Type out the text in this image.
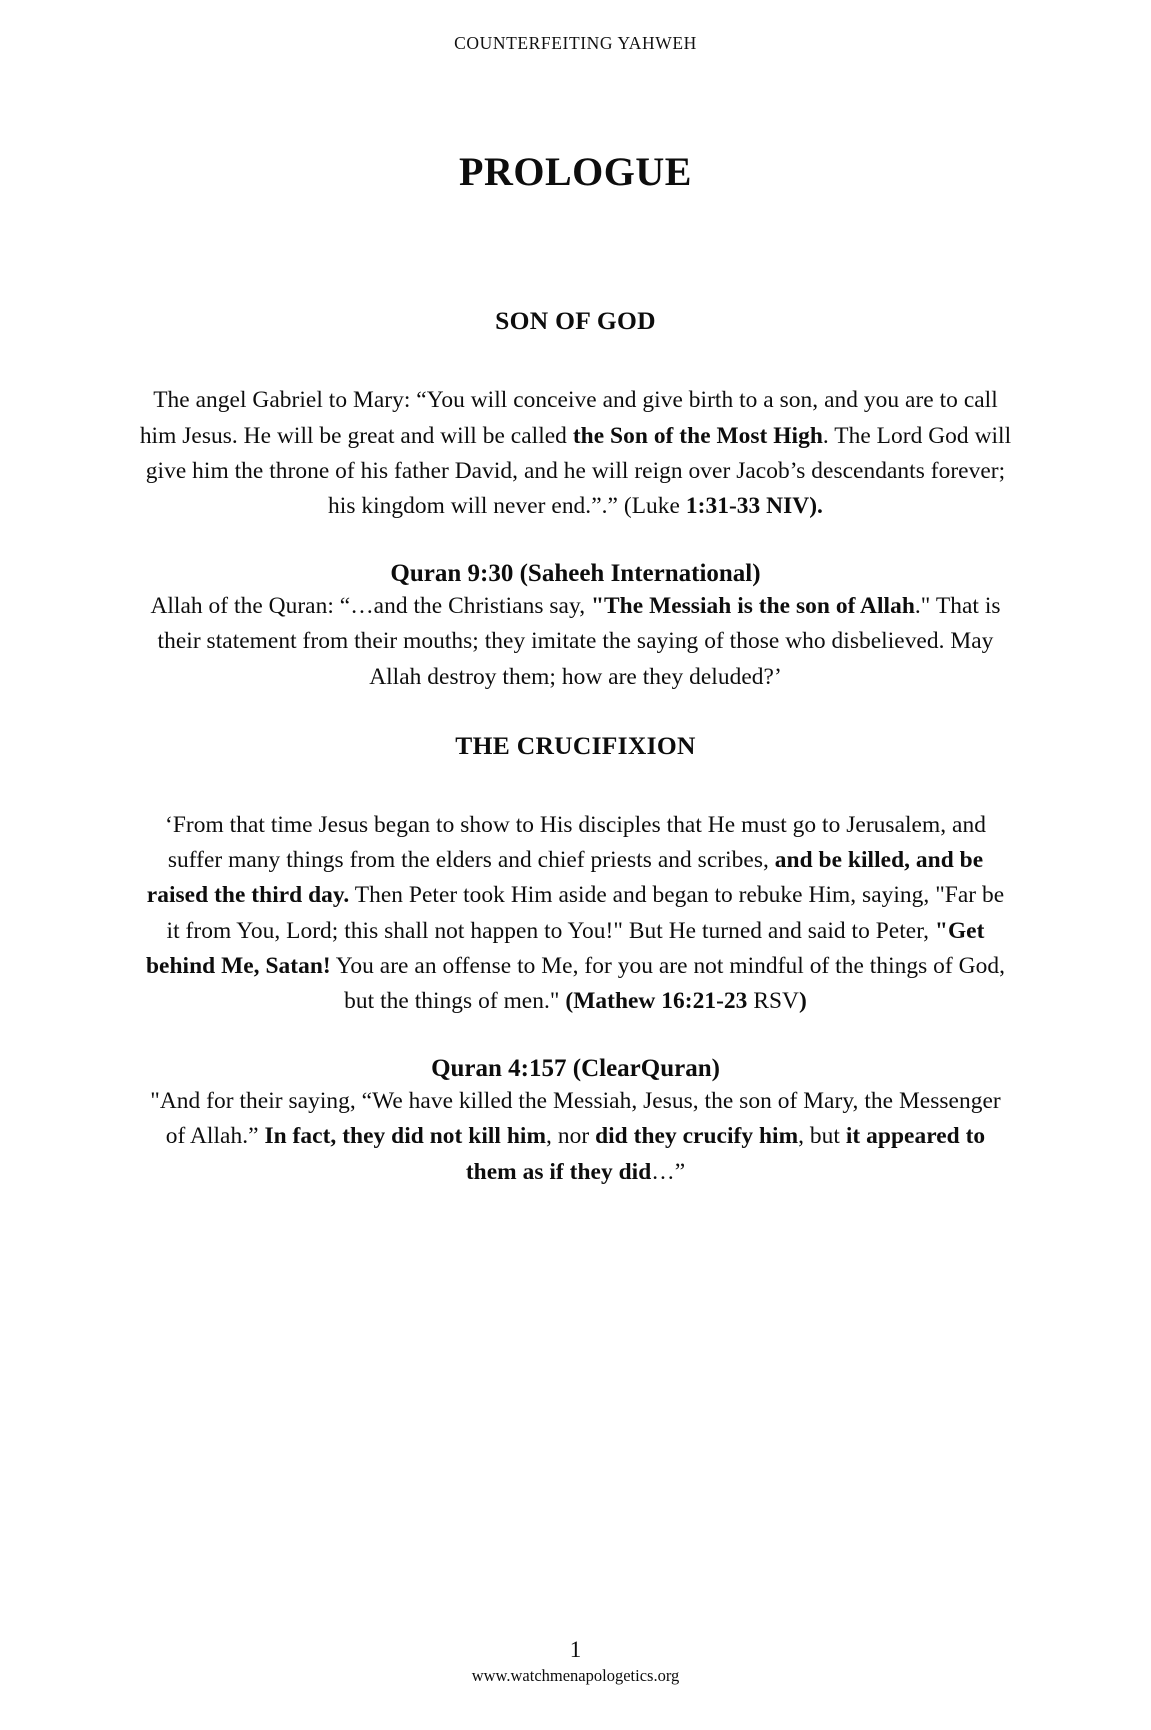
COUNTERFEITING YAHWEH
PROLOGUE
SON OF GOD

The angel Gabriel to Mary: “You will conceive and give birth to a son, and you are to call him Jesus. He will be great and will be called the Son of the Most High. The Lord God will give him the throne of his father David, and he will reign over Jacob’s descendants forever; his kingdom will never end.”.” (Luke 1:31-33 NIV).

Quran 9:30 (Saheeh International)

Allah of the Quran: “…and the Christians say, "The Messiah is the son of Allah." That is their statement from their mouths; they imitate the saying of those who disbelieved. May Allah destroy them; how are they deluded?’

THE CRUCIFIXION

‘From that time Jesus began to show to His disciples that He must go to Jerusalem, and suffer many things from the elders and chief priests and scribes, and be killed, and be raised the third day. Then Peter took Him aside and began to rebuke Him, saying, "Far be it from You, Lord; this shall not happen to You!" But He turned and said to Peter, "Get behind Me, Satan! You are an offense to Me, for you are not mindful of the things of God, but the things of men." (Mathew 16:21-23 RSV)

Quran 4:157 (ClearQuran)

"And for their saying, “We have killed the Messiah, Jesus, the son of Mary, the Messenger of Allah.” In fact, they did not kill him, nor did they crucify him, but it appeared to them as if they did…”

1
www.watchmenapologetics.org
